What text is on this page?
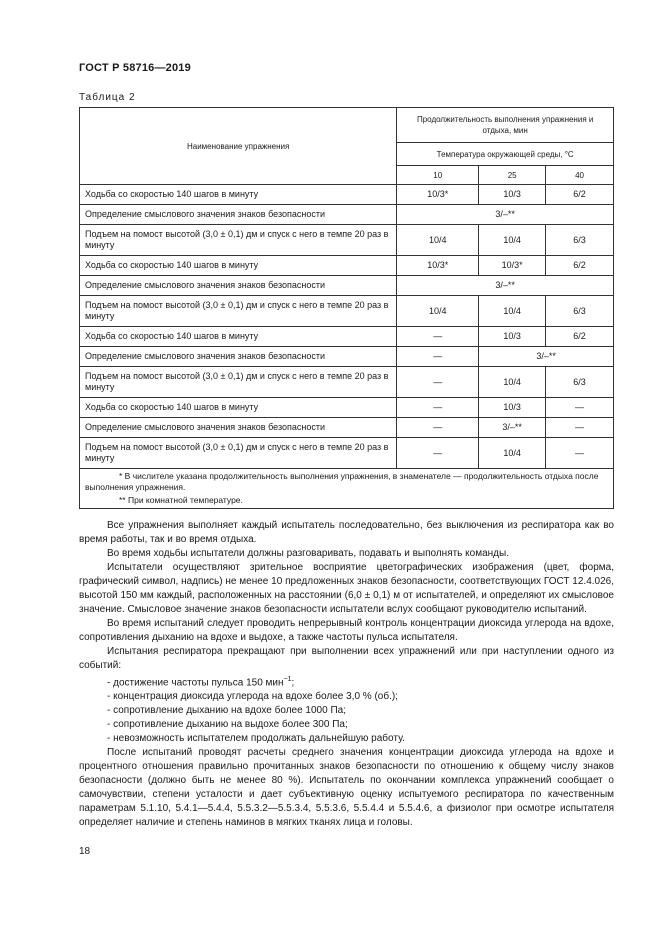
ГОСТ Р 58716—2019
Таблица 2
Наименование упражнения	Продолжительность выполнения упражнения и отдыха, мин		
	Температура окружающей среды, °С		
	10	25	40
Ходьба со скоростью 140 шагов в минуту	10/3*	10/3	6/2
Определение смыслового значения знаков безопасности	3/–**		
Подъем на помост высотой (3,0 ± 0,1) дм и спуск с него в темпе 20 раз в минуту	10/4	10/4	6/3
Ходьба со скоростью 140 шагов в минуту	10/3*	10/3*	6/2
Определение смыслового значения знаков безопасности	3/–**		
Подъем на помост высотой (3,0 ± 0,1) дм и спуск с него в темпе 20 раз в минуту	10/4	10/4	6/3
Ходьба со скоростью 140 шагов в минуту	—	10/3	6/2
Определение смыслового значения знаков безопасности	—	3/–**	
Подъем на помост высотой (3,0 ± 0,1) дм и спуск с него в темпе 20 раз в минуту	—	10/4	6/3
Ходьба со скоростью 140 шагов в минуту	—	10/3	—
Определение смыслового значения знаков безопасности	—	3/–**	—
Подъем на помост высотой (3,0 ± 0,1) дм и спуск с него в темпе 20 раз в минуту	—	10/4	—

* В числителе указана продолжительность выполнения упражнения, в знаменателе — продолжительность отдыха после выполнения упражнения.
** При комнатной температуре.			

Все упражнения выполняет каждый испытатель последовательно, без выключения из респиратора как во время работы, так и во время отдыха.

Во время ходьбы испытатели должны разговаривать, подавать и выполнять команды.

Испытатели осуществляют зрительное восприятие цветографических изображения (цвет, форма, графический символ, надпись) не менее 10 предложенных знаков безопасности, соответствующих ГОСТ 12.4.026, высотой 150 мм каждый, расположенных на расстоянии (6,0 ± 0,1) м от испытателей, и определяют их смысловое значение. Смысловое значение знаков безопасности испытатели вслух сообщают руководителю испытаний.

Во время испытаний следует проводить непрерывный контроль концентрации диоксида углерода на вдохе, сопротивления дыханию на вдохе и выдохе, а также частоты пульса испытателя.

Испытания респиратора прекращают при выполнении всех упражнений или при наступлении одного из событий:

- достижение частоты пульса 150 мин$^{-1}$;

- концентрация диоксида углерода на вдохе более 3,0 % (об.);

- сопротивление дыханию на вдохе более 1000 Па;

- сопротивление дыханию на выдохе более 300 Па;

- невозможность испытателем продолжать дальнейшую работу.

После испытаний проводят расчеты среднего значения концентрации диоксида углерода на вдохе и процентного отношения правильно прочитанных знаков безопасности по отношению к общему числу знаков безопасности (должно быть не менее 80 %). Испытатель по окончании комплекса упражнений сообщает о самочувствии, степени усталости и дает субъективную оценку испытуемого респиратора по качественным параметрам 5.1.10, 5.4.1—5.4.4, 5.5.3.2—5.5.3.4, 5.5.3.6, 5.5.4.4 и 5.5.4.6, а физиолог при осмотре испытателя определяет наличие и степень наминов в мягких тканях лица и головы.

18
